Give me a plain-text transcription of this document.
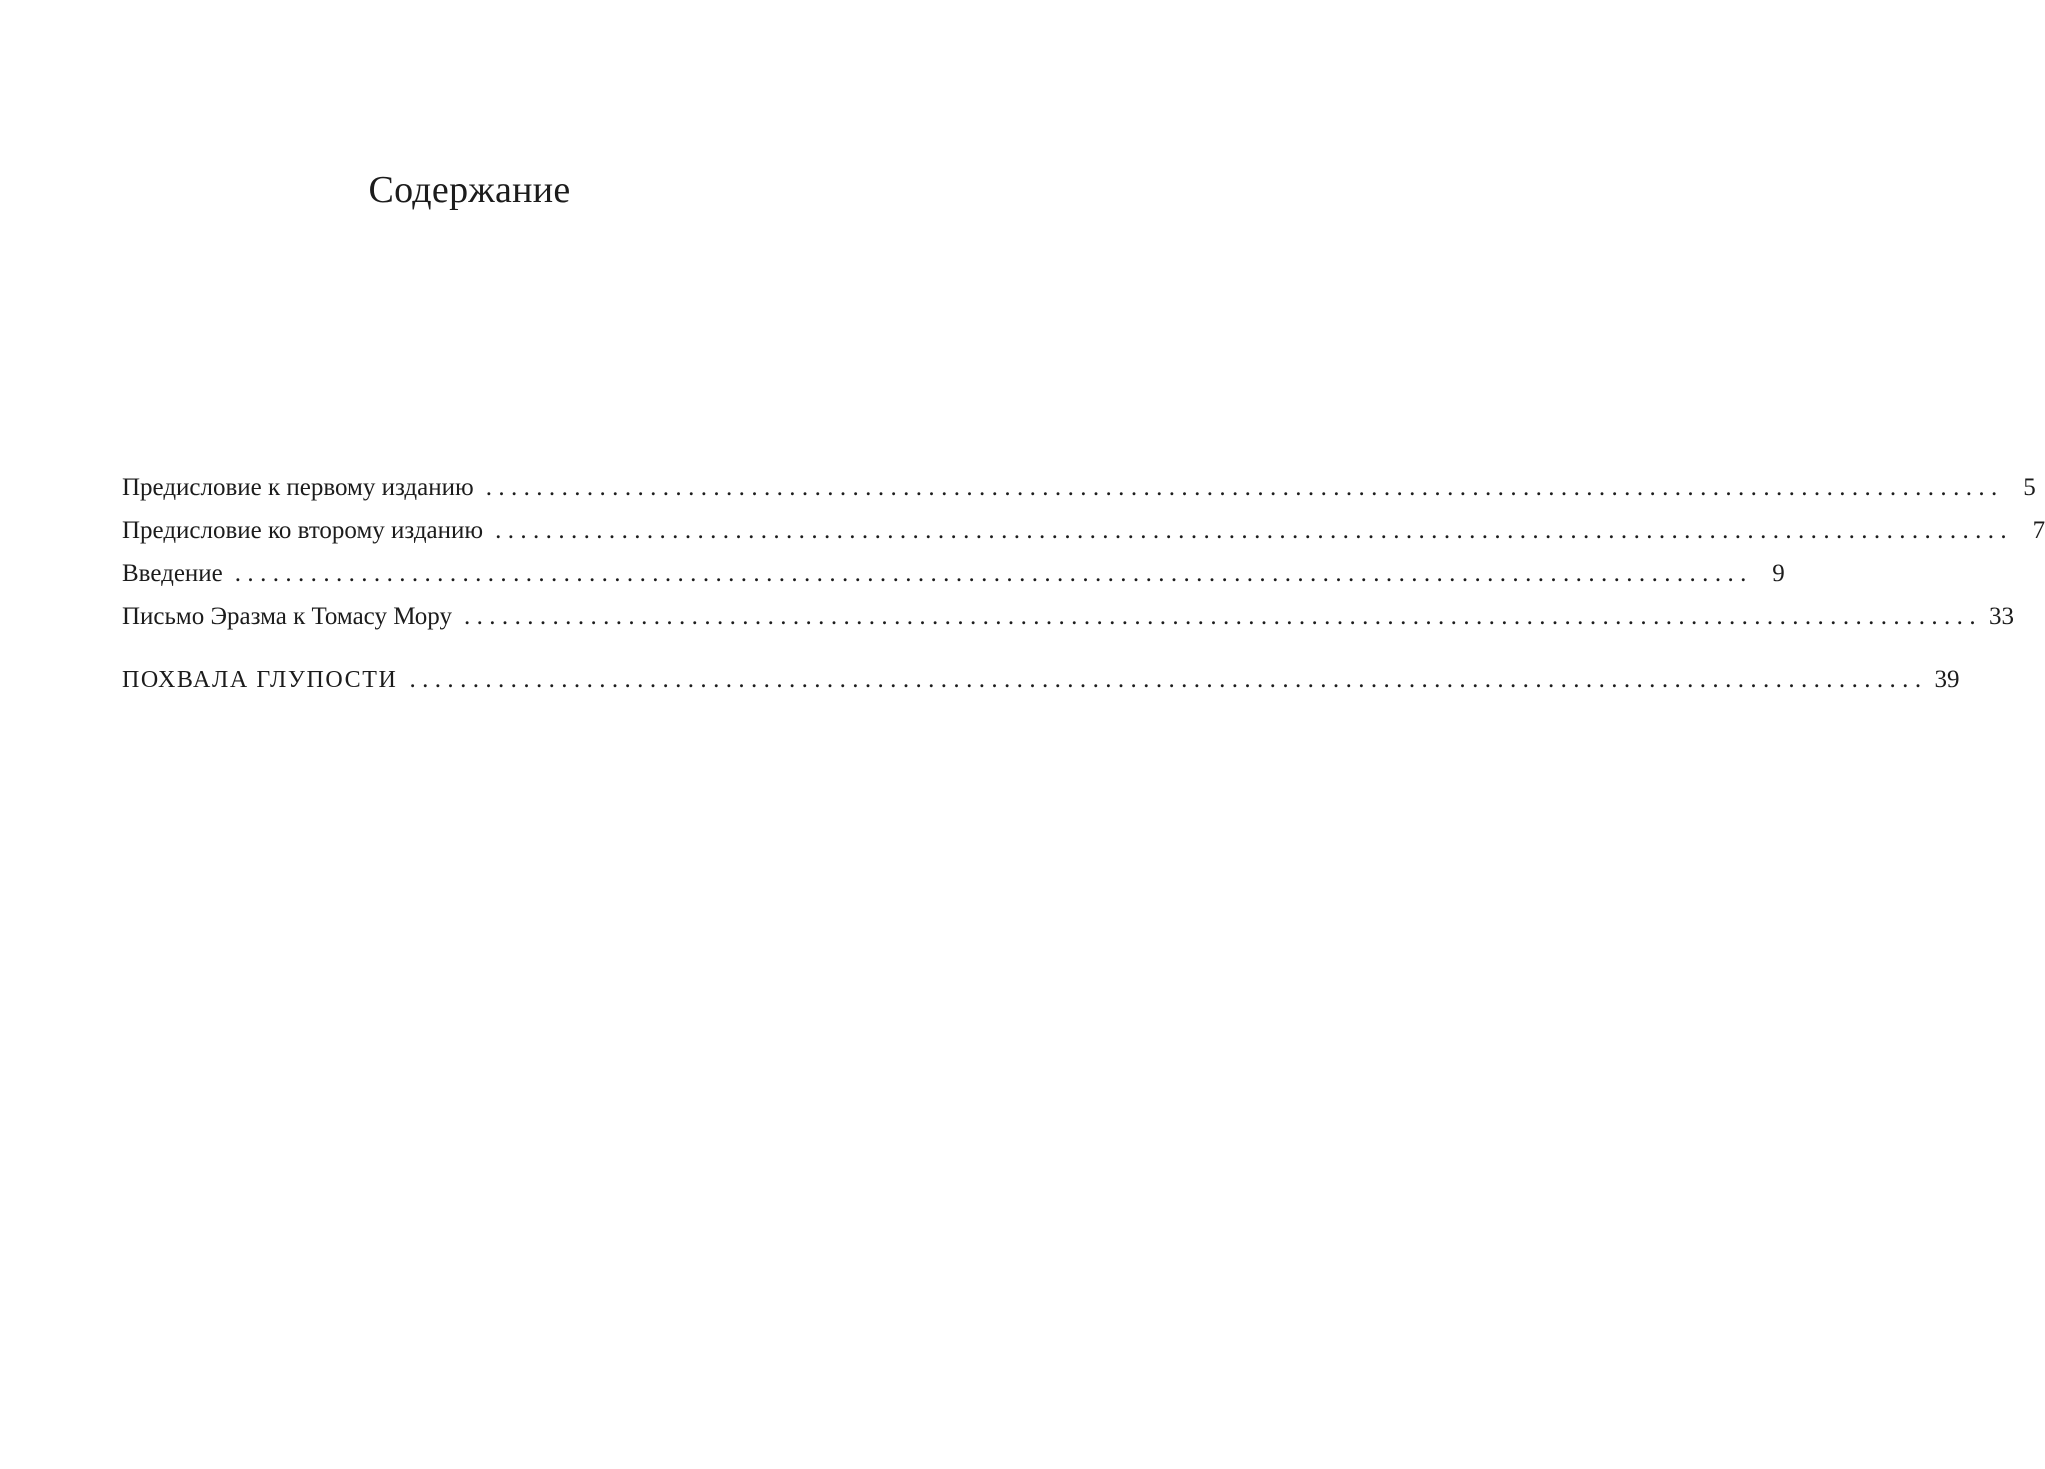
Содержание
Предисловие к первому изданию ........................................................................................................................ 5
Предисловие ко второму изданию ........................................................................................................................ 7
Введение ........................................................................................................................ 9
Письмо Эразма к Томасу Мору ........................................................................................................................ 33
ПОХВАЛА ГЛУПОСТИ ........................................................................................................................ 39
